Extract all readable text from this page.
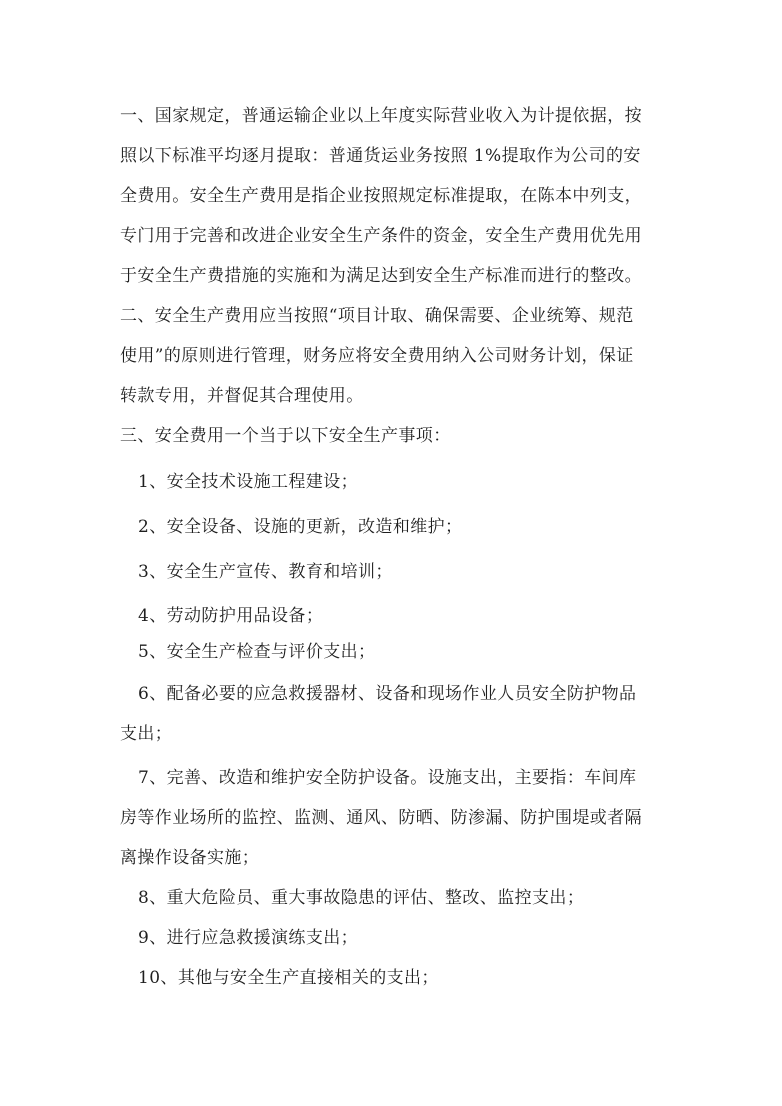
一、国家规定，普通运输企业以上年度实际营业收入为计提依据，按
照以下标准平均逐月提取：普通货运业务按照 1%提取作为公司的安
全费用。安全生产费用是指企业按照规定标准提取，在陈本中列支，
专门用于完善和改进企业安全生产条件的资金，安全生产费用优先用
于安全生产费措施的实施和为满足达到安全生产标准而进行的整改。
二、安全生产费用应当按照“项目计取、确保需要、企业统筹、规范
使用”的原则进行管理，财务应将安全费用纳入公司财务计划，保证
转款专用，并督促其合理使用。
三、安全费用一个当于以下安全生产事项：
1、安全技术设施工程建设；
2、安全设备、设施的更新，改造和维护；
3、安全生产宣传、教育和培训；
4、劳动防护用品设备；
5、安全生产检查与评价支出；
6、配备必要的应急救援器材、设备和现场作业人员安全防护物品
支出；
7、完善、改造和维护安全防护设备。设施支出，主要指：车间库
房等作业场所的监控、监测、通风、防晒、防渗漏、防护围堤或者隔
离操作设备实施；
8、重大危险员、重大事故隐患的评估、整改、监控支出；
9、进行应急救援演练支出；
10、其他与安全生产直接相关的支出；
